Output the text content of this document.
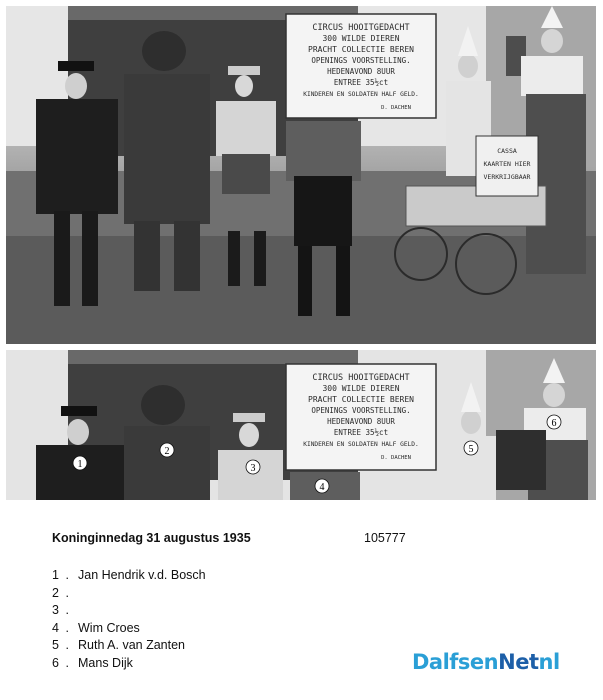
CIRCUS HOOITGEDACHT
300 WILDE DIEREN
PRACHT COLLECTIE BEREN
OPENINGS VOORSTELLING.
HEDENAVOND 8UUR
ENTREE 35½ct
KINDEREN EN SOLDATEN HALF GELD.
D. DACHEN
CASSA
KAARTEN HIER
VERKRIJGBAAR
CIRCUS HOOITGEDACHT
300 WILDE DIEREN
PRACHT COLLECTIE BEREN
OPENINGS VOORSTELLING.
HEDENAVOND 8UUR
ENTREE 35½ct
KINDEREN EN SOLDATEN HALF GELD.
D. DACHEN
1
2
3
4
5
6
Koninginnedag 31 augustus 1935	105777
1 . Jan Hendrik v.d. Bosch
2 .
3 .
4 . Wim Croes
5 . Ruth A. van Zanten
6 . Mans Dijk	DalfsenNetnl
